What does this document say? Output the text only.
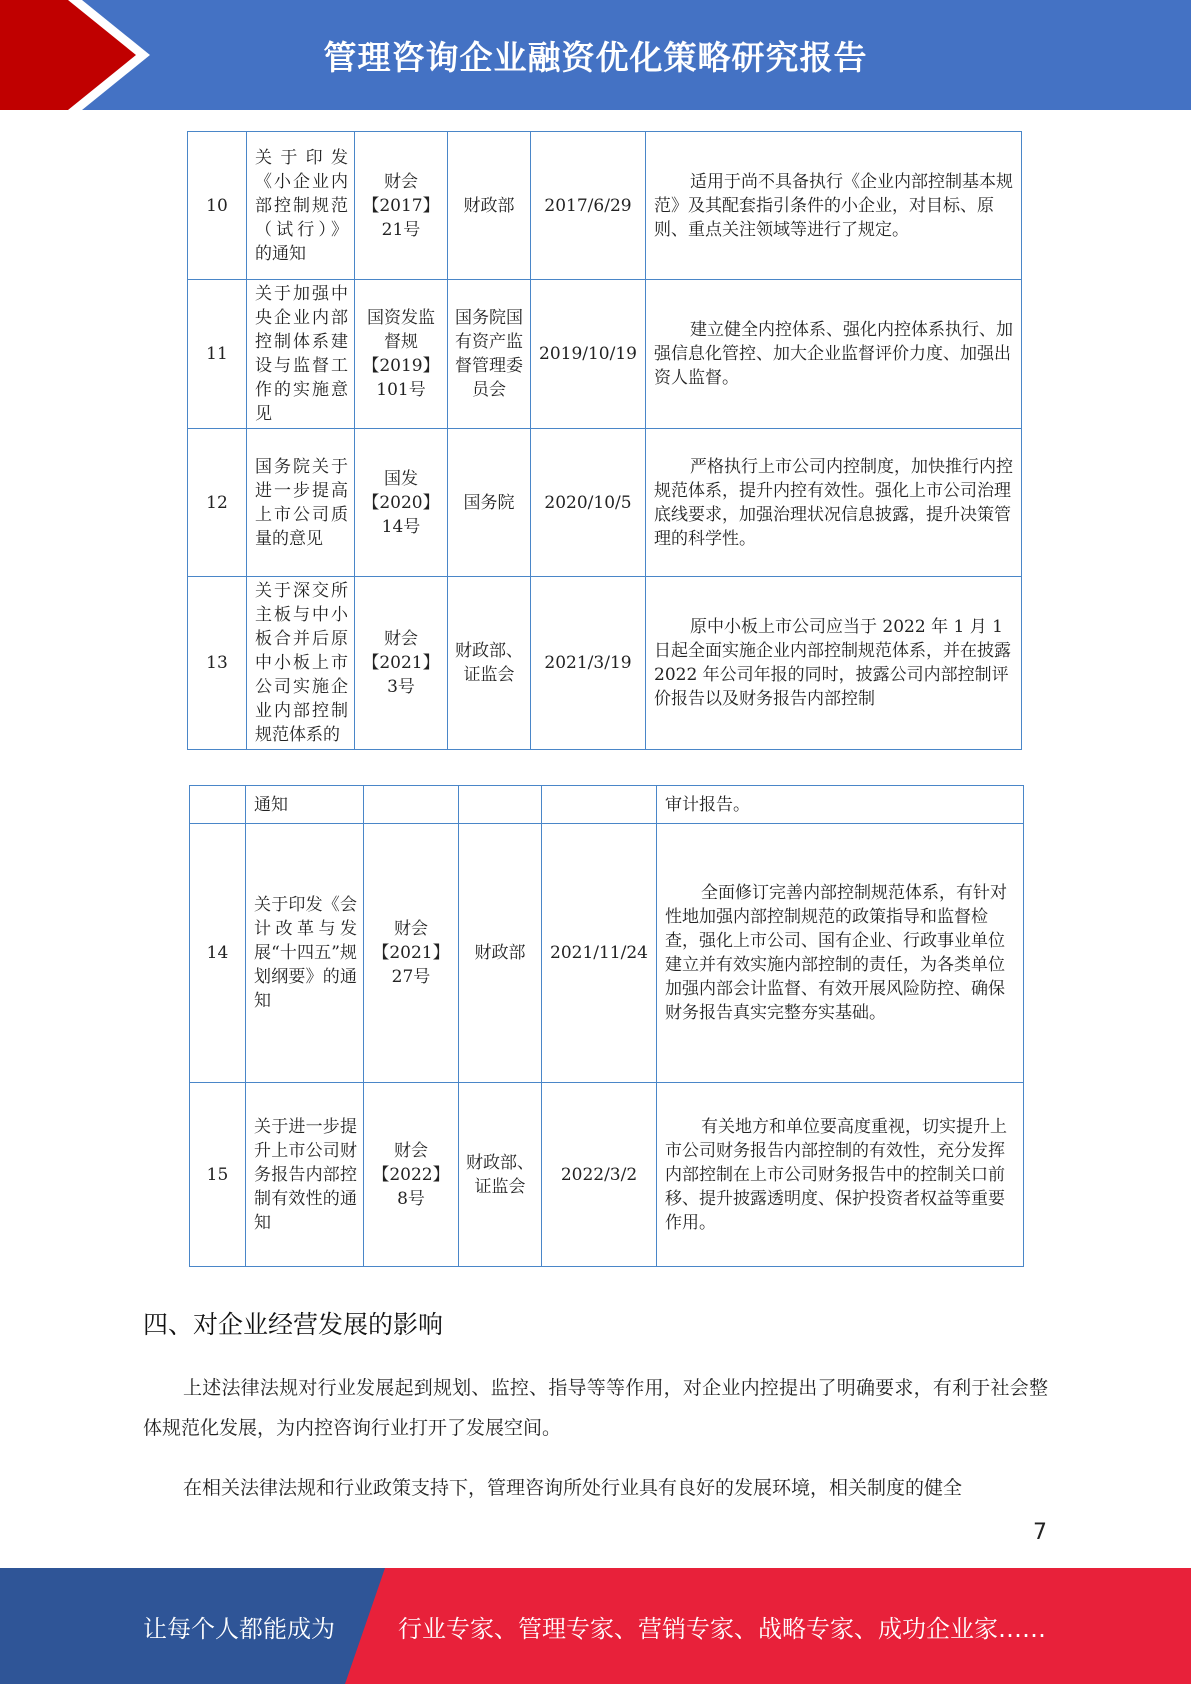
管理咨询企业融资优化策略研究报告
10	关于印发《小企业内部控制规范（试行）》的通知	财会【2017】21号	财政部	2017/6/29	适用于尚不具备执行《企业内部控制基本规范》及其配套指引条件的小企业，对目标、原则、重点关注领域等进行了规定。
11	关于加强中央企业内部控制体系建设与监督工作的实施意见	国资发监督规【2019】101号	国务院国有资产监督管理委员会	2019/10/19	建立健全内控体系、强化内控体系执行、加强信息化管控、加大企业监督评价力度、加强出资人监督。
12	国务院关于进一步提高上市公司质量的意见	国发【2020】14号	国务院	2020/10/5	严格执行上市公司内控制度，加快推行内控规范体系，提升内控有效性。强化上市公司治理底线要求，加强治理状况信息披露，提升决策管理的科学性。
13	关于深交所主板与中小板合并后原中小板上市公司实施企业内部控制规范体系的	财会【2021】3号	财政部、证监会	2021/3/19	原中小板上市公司应当于 2022 年 1 月 1 日起全面实施企业内部控制规范体系，并在披露 2022 年公司年报的同时，披露公司内部控制评价报告以及财务报告内部控制
	通知				审计报告。
14	关于印发《会计改革与发展“十四五”规划纲要》的通知	财会【2021】27号	财政部	2021/11/24	全面修订完善内部控制规范体系，有针对性地加强内部控制规范的政策指导和监督检查，强化上市公司、国有企业、行政事业单位建立并有效实施内部控制的责任，为各类单位加强内部会计监督、有效开展风险防控、确保财务报告真实完整夯实基础。
15	关于进一步提升上市公司财务报告内部控制有效性的通知	财会【2022】8号	财政部、证监会	2022/3/2	有关地方和单位要高度重视，切实提升上市公司财务报告内部控制的有效性，充分发挥内部控制在上市公司财务报告中的控制关口前移、提升披露透明度、保护投资者权益等重要作用。
四、对企业经营发展的影响

上述法律法规对行业发展起到规划、监控、指导等等作用，对企业内控提出了明确要求，有利于社会整体规范化发展，为内控咨询行业打开了发展空间。

在相关法律法规和行业政策支持下，管理咨询所处行业具有良好的发展环境，相关制度的健全

7
让每个人都能成为	行业专家、管理专家、营销专家、战略专家、成功企业家……
